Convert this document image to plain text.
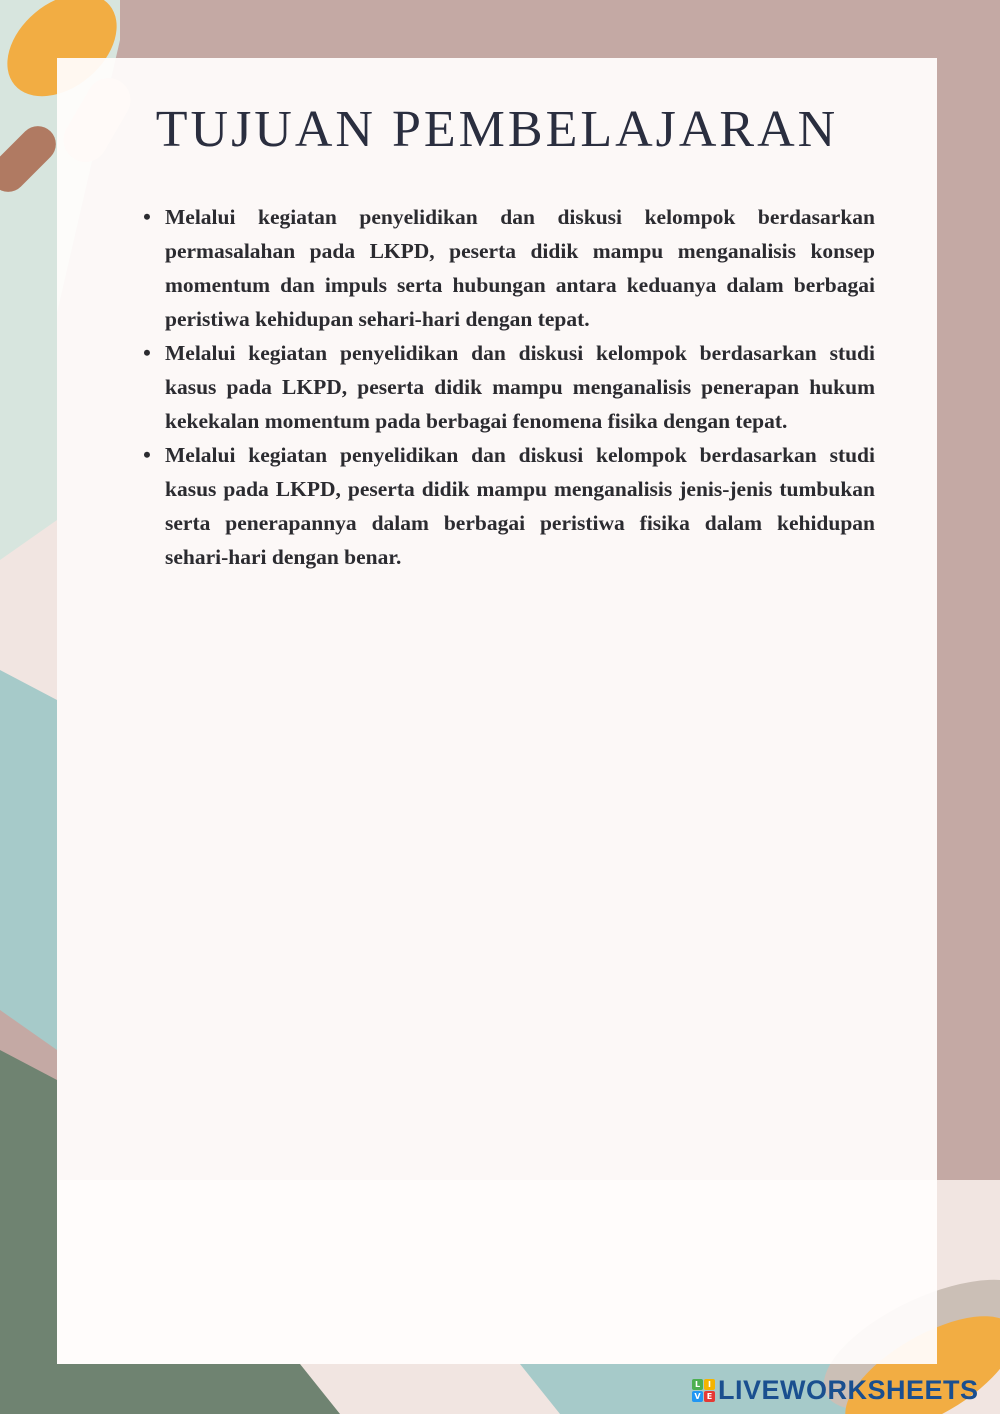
TUJUAN PEMBELAJARAN
• Melalui kegiatan penyelidikan dan diskusi kelompok berdasarkan permasalahan pada LKPD, peserta didik mampu menganalisis konsep momentum dan impuls serta hubungan antara keduanya dalam berbagai peristiwa kehidupan sehari-hari dengan tepat.
• Melalui kegiatan penyelidikan dan diskusi kelompok berdasarkan studi kasus pada LKPD, peserta didik mampu menganalisis penerapan hukum kekekalan momentum pada berbagai fenomena fisika dengan tepat.
• Melalui kegiatan penyelidikan dan diskusi kelompok berdasarkan studi kasus pada LKPD, peserta didik mampu menganalisis jenis-jenis tumbukan serta penerapannya dalam berbagai peristiwa fisika dalam kehidupan sehari-hari dengan benar.
L I
V E LIVEWORKSHEETS
